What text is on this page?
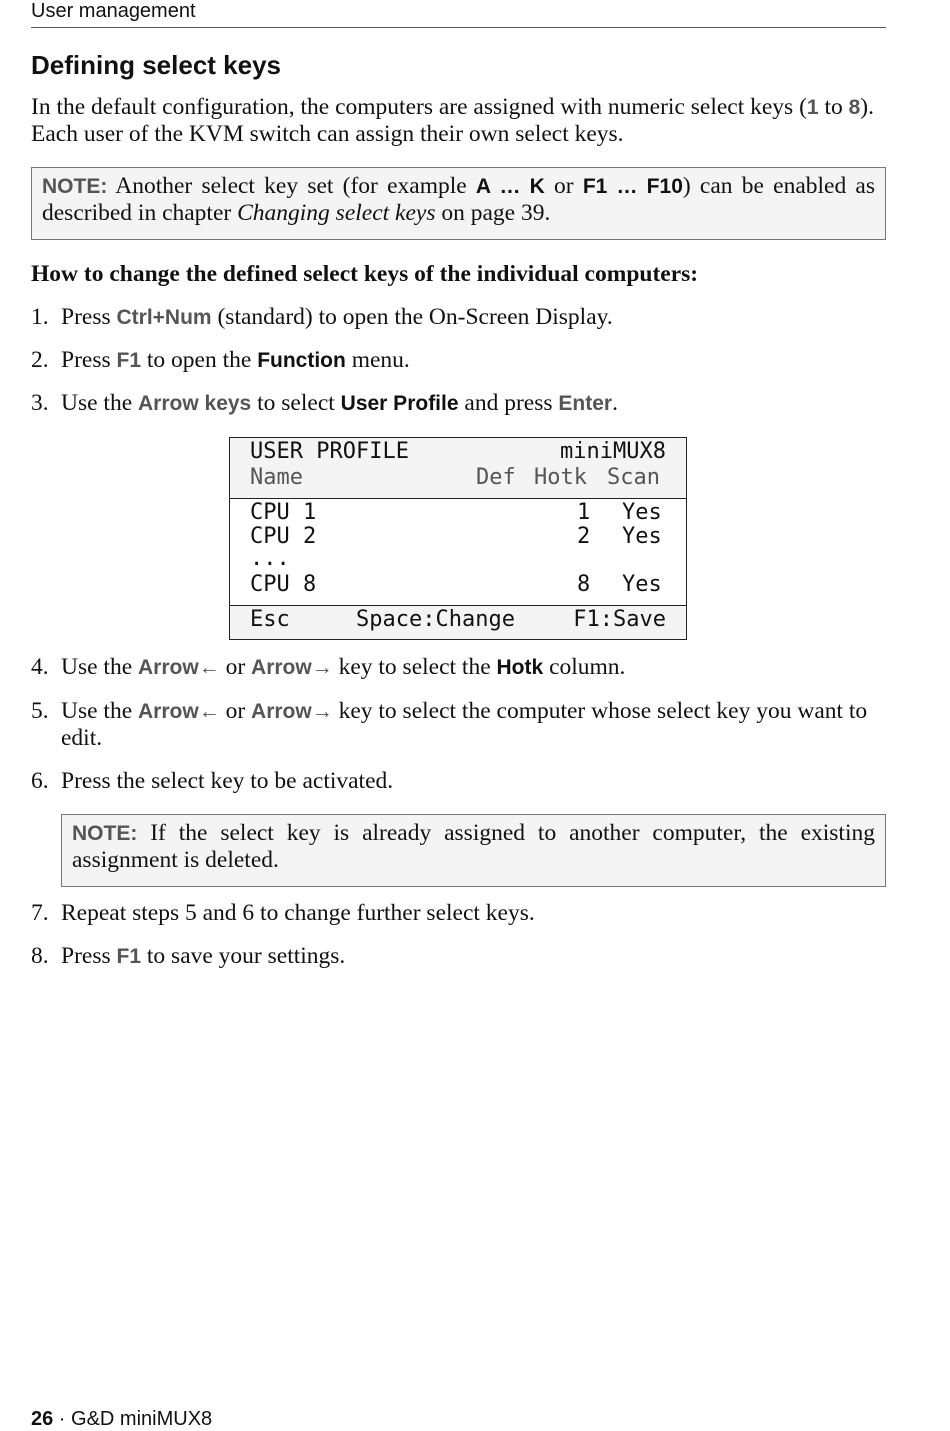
User management
Defining select keys
In the default configuration, the computers are assigned with numeric select keys (1 to 8). Each user of the KVM switch can assign their own select keys.
NOTE: Another select key set (for example A … K or F1 … F10) can be enabled as described in chapter Changing select keys on page 39.
How to change the defined select keys of the individual computers:
1. Press Ctrl+Num (standard) to open the On-Screen Display.
2. Press F1 to open the Function menu.
3. Use the Arrow keys to select User Profile and press Enter.
USER PROFILE	miniMUX8
Name	Def Hotk Scan
CPU 1	1 Yes
CPU 2	2 Yes
...
CPU 8	8 Yes
Esc	Space:Change	F1:Save
4. Use the Arrow← or Arrow→ key to select the Hotk column.
5. Use the Arrow← or Arrow→ key to select the computer whose select key you want to edit.
6. Press the select key to be activated.
NOTE: If the select key is already assigned to another computer, the existing assignment is deleted.
7. Repeat steps 5 and 6 to change further select keys.
8. Press F1 to save your settings.
26 · G&D miniMUX8
